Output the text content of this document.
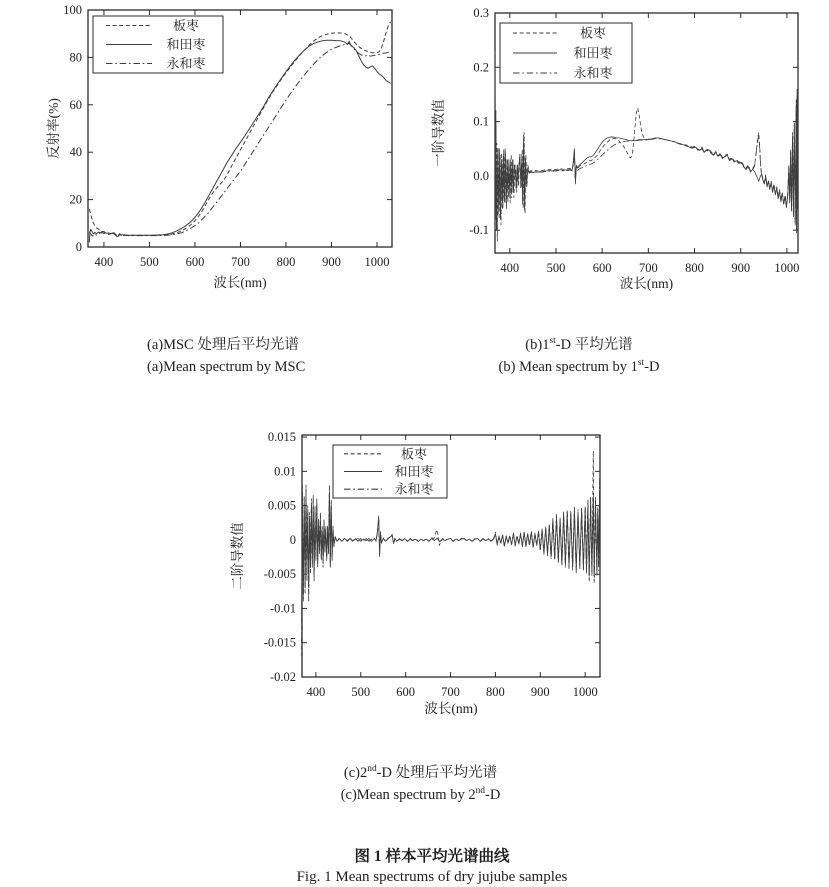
400 500 600 700 800 900 1000
0
20
40
60
80
100
波长(nm)
反射率(%)
板枣
和田枣
永和枣
400 500 600 700 800 900 1000
-0.1
0.0
0.1
0.2
0.3
波长(nm)
一阶导数值
板枣
和田枣
永和枣
400 500 600 700 800 900 1000
-0.02
-0.015
-0.01
-0.005
0
0.005
0.01
0.015
波长(nm)
二阶导数值
板枣
和田枣
永和枣
(a)MSC 处理后平均光谱
(a)Mean spectrum by MSC
(b)1st-D 平均光谱
(b) Mean spectrum by 1st-D
(c)2nd-D 处理后平均光谱
(c)Mean spectrum by 2nd-D
图 1 样本平均光谱曲线
Fig. 1 Mean spectrums of dry jujube samples
